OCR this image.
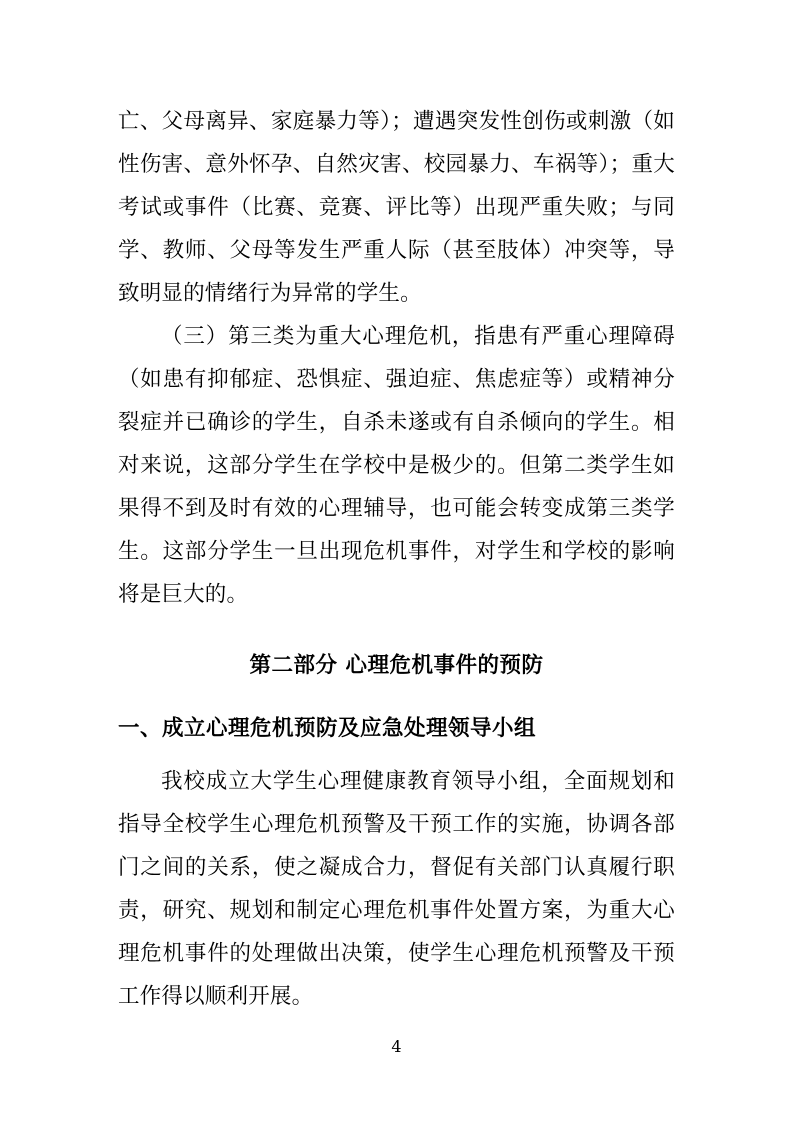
亡、父母离异、家庭暴力等）；遭遇突发性创伤或刺激（如性伤害、意外怀孕、自然灾害、校园暴力、车祸等）；重大考试或事件（比赛、竞赛、评比等）出现严重失败；与同学、教师、父母等发生严重人际（甚至肢体）冲突等，导致明显的情绪行为异常的学生。

（三）第三类为重大心理危机，指患有严重心理障碍（如患有抑郁症、恐惧症、强迫症、焦虑症等）或精神分裂症并已确诊的学生，自杀未遂或有自杀倾向的学生。相对来说，这部分学生在学校中是极少的。但第二类学生如果得不到及时有效的心理辅导，也可能会转变成第三类学生。这部分学生一旦出现危机事件，对学生和学校的影响将是巨大的。

第二部分 心理危机事件的预防
一、成立心理危机预防及应急处理领导小组

我校成立大学生心理健康教育领导小组，全面规划和指导全校学生心理危机预警及干预工作的实施，协调各部门之间的关系，使之凝成合力，督促有关部门认真履行职责，研究、规划和制定心理危机事件处置方案，为重大心理危机事件的处理做出决策，使学生心理危机预警及干预工作得以顺利开展。

4
